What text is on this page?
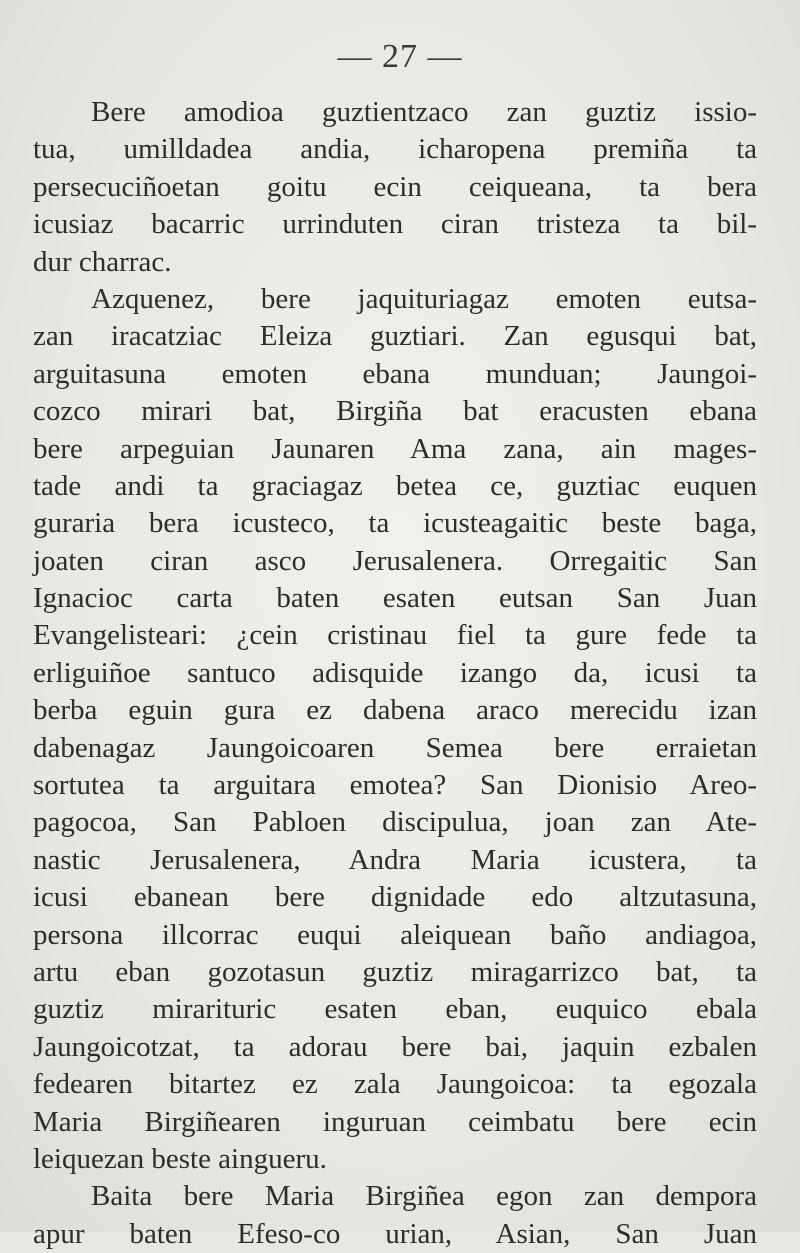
— 27 —
Bere amodioa guztientzaco zan guztiz issio-
tua, umilldadea andia, icharopena premiña ta
persecuciñoetan goitu ecin ceiqueana, ta bera
icusiaz bacarric urrinduten ciran tristeza ta bil-
dur charrac.
Azquenez, bere jaquituriagaz emoten eutsa-
zan iracatziac Eleiza guztiari. Zan egusqui bat,
arguitasuna emoten ebana munduan; Jaungoi-
cozco mirari bat, Birgiña bat eracusten ebana
bere arpeguian Jaunaren Ama zana, ain mages-
tade andi ta graciagaz betea ce, guztiac euquen
guraria bera icusteco, ta icusteagaitic beste baga,
joaten ciran asco Jerusalenera. Orregaitic San
Ignacioc carta baten esaten eutsan San Juan
Evangelisteari: ¿cein cristinau fiel ta gure fede ta
erliguiñoe santuco adisquide izango da, icusi ta
berba eguin gura ez dabena araco merecidu izan
dabenagaz Jaungoicoaren Semea bere erraietan
sortutea ta arguitara emotea? San Dionisio Areo-
pagocoa, San Pabloen discipulua, joan zan Ate-
nastic Jerusalenera, Andra Maria icustera, ta
icusi ebanean bere dignidade edo altzutasuna,
persona illcorrac euqui aleiquean baño andiagoa,
artu eban gozotasun guztiz miragarrizco bat, ta
guztiz mirarituric esaten eban, euquico ebala
Jaungoicotzat, ta adorau bere bai, jaquin ezbalen
fedearen bitartez ez zala Jaungoicoa: ta egozala
Maria Birgiñearen inguruan ceimbatu bere ecin
leiquezan beste aingueru.
Baita bere Maria Birgiñea egon zan dempora
apur baten Efeso-co urian, Asian, San Juan
